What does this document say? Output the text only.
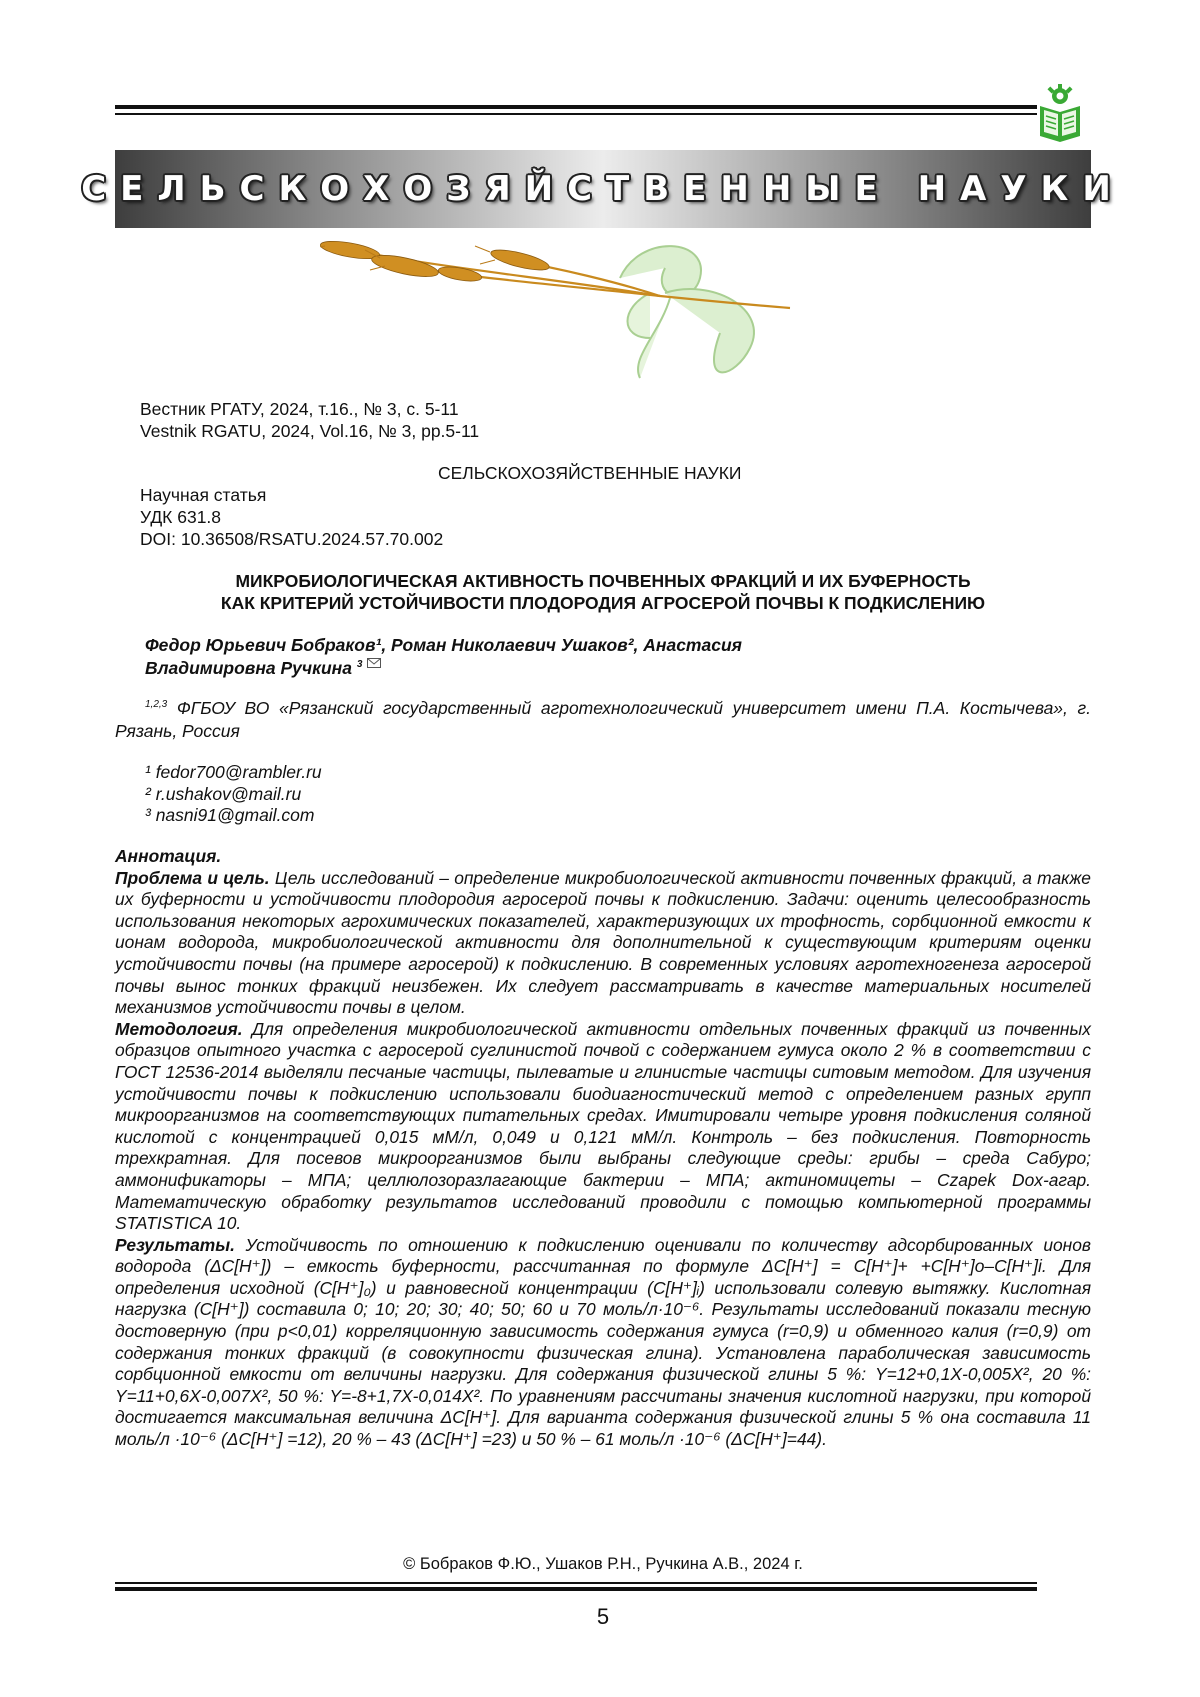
СЕЛЬСКОХОЗЯЙСТВЕННЫЕ НАУКИ
Вестник РГАТУ, 2024, т.16., № 3, с. 5-11
Vestnik RGATU, 2024, Vol.16, № 3, pp.5-11
СЕЛЬСКОХОЗЯЙСТВЕННЫЕ НАУКИ
Научная статья
УДК 631.8
DOI: 10.36508/RSATU.2024.57.70.002
МИКРОБИОЛОГИЧЕСКАЯ АКТИВНОСТЬ ПОЧВЕННЫХ ФРАКЦИЙ И ИХ БУФЕРНОСТЬ
КАК КРИТЕРИЙ УСТОЙЧИВОСТИ ПЛОДОРОДИЯ АГРОСЕРОЙ ПОЧВЫ К ПОДКИСЛЕНИЮ
Федор Юрьевич Бобраков¹, Роман Николаевич Ушаков², Анастасия
Владимировна Ручкина $^3$
$^{1,2,3}$ ФГБОУ ВО «Рязанский государственный агротехнологический университет имени П.А. Костычева», г. Рязань, Россия
¹ fedor700@rambler.ru
² r.ushakov@mail.ru
³ nasni91@gmail.com

Аннотация.

Проблема и цель. Цель исследований – определение микробиологической активности почвенных фракций, а также их буферности и устойчивости плодородия агросерой почвы к подкислению. Задачи: оценить целесообразность использования некоторых агрохимических показателей, характеризующих их трофность, сорбционной емкости к ионам водорода, микробиологической активности для дополнительной к существующим критериям оценки устойчивости почвы (на примере агросерой) к подкислению. В современных условиях агротехногенеза агросерой почвы вынос тонких фракций неизбежен. Их следует рассматривать в качестве материальных носителей механизмов устойчивости почвы в целом.

Методология. Для определения микробиологической активности отдельных почвенных фракций из почвенных образцов опытного участка с агросерой суглинистой почвой с содержанием гумуса около 2 % в соответствии с ГОСТ 12536-2014 выделяли песчаные частицы, пылеватые и глинистые частицы ситовым методом. Для изучения устойчивости почвы к подкислению использовали биодиагностический метод с определением разных групп микроорганизмов на соответствующих питательных средах. Имитировали четыре уровня подкисления соляной кислотой с концентрацией 0,015 мМ/л, 0,049 и 0,121 мМ/л. Контроль – без подкисления. Повторность трехкратная. Для посевов микроорганизмов были выбраны следующие среды: грибы – среда Сабуро; аммонификаторы – МПА; целлюлозоразлагающие бактерии – МПА; актиномицеты – Czapek Dox-агар. Математическую обработку результатов исследований проводили с помощью компьютерной программы STATISTICA 10.

Результаты. Устойчивость по отношению к подкислению оценивали по количеству адсорбированных ионов водорода (ΔC[H⁺]) – емкость буферности, рассчитанная по формуле ΔC[H⁺] = C[H⁺]+ +C[H⁺]o–C[H⁺]i. Для определения исходной (C[H⁺]₀) и равновесной концентрации (C[H⁺]ᵢ) использовали солевую вытяжку. Кислотная нагрузка (C[H⁺]) составила 0; 10; 20; 30; 40; 50; 60 и 70 моль/л·10⁻⁶. Результаты исследований показали тесную достоверную (при p<0,01) корреляционную зависимость содержания гумуса (r=0,9) и обменного калия (r=0,9) от содержания тонких фракций (в совокупности физическая глина). Установлена параболическая зависимость сорбционной емкости от величины нагрузки. Для содержания физической глины 5 %: Y=12+0,1X-0,005X², 20 %: Y=11+0,6X-0,007X², 50 %: Y=-8+1,7X-0,014X². По уравнениям рассчитаны значения кислотной нагрузки, при которой достигается максимальная величина ΔC[H⁺]. Для варианта содержания физической глины 5 % она составила 11 моль/л ·10⁻⁶ (ΔC[H⁺] =12), 20 % – 43 (ΔC[H⁺] =23) и 50 % – 61 моль/л ·10⁻⁶ (ΔC[H⁺]=44).

© Бобраков Ф.Ю., Ушаков Р.Н., Ручкина А.В., 2024 г.
5
